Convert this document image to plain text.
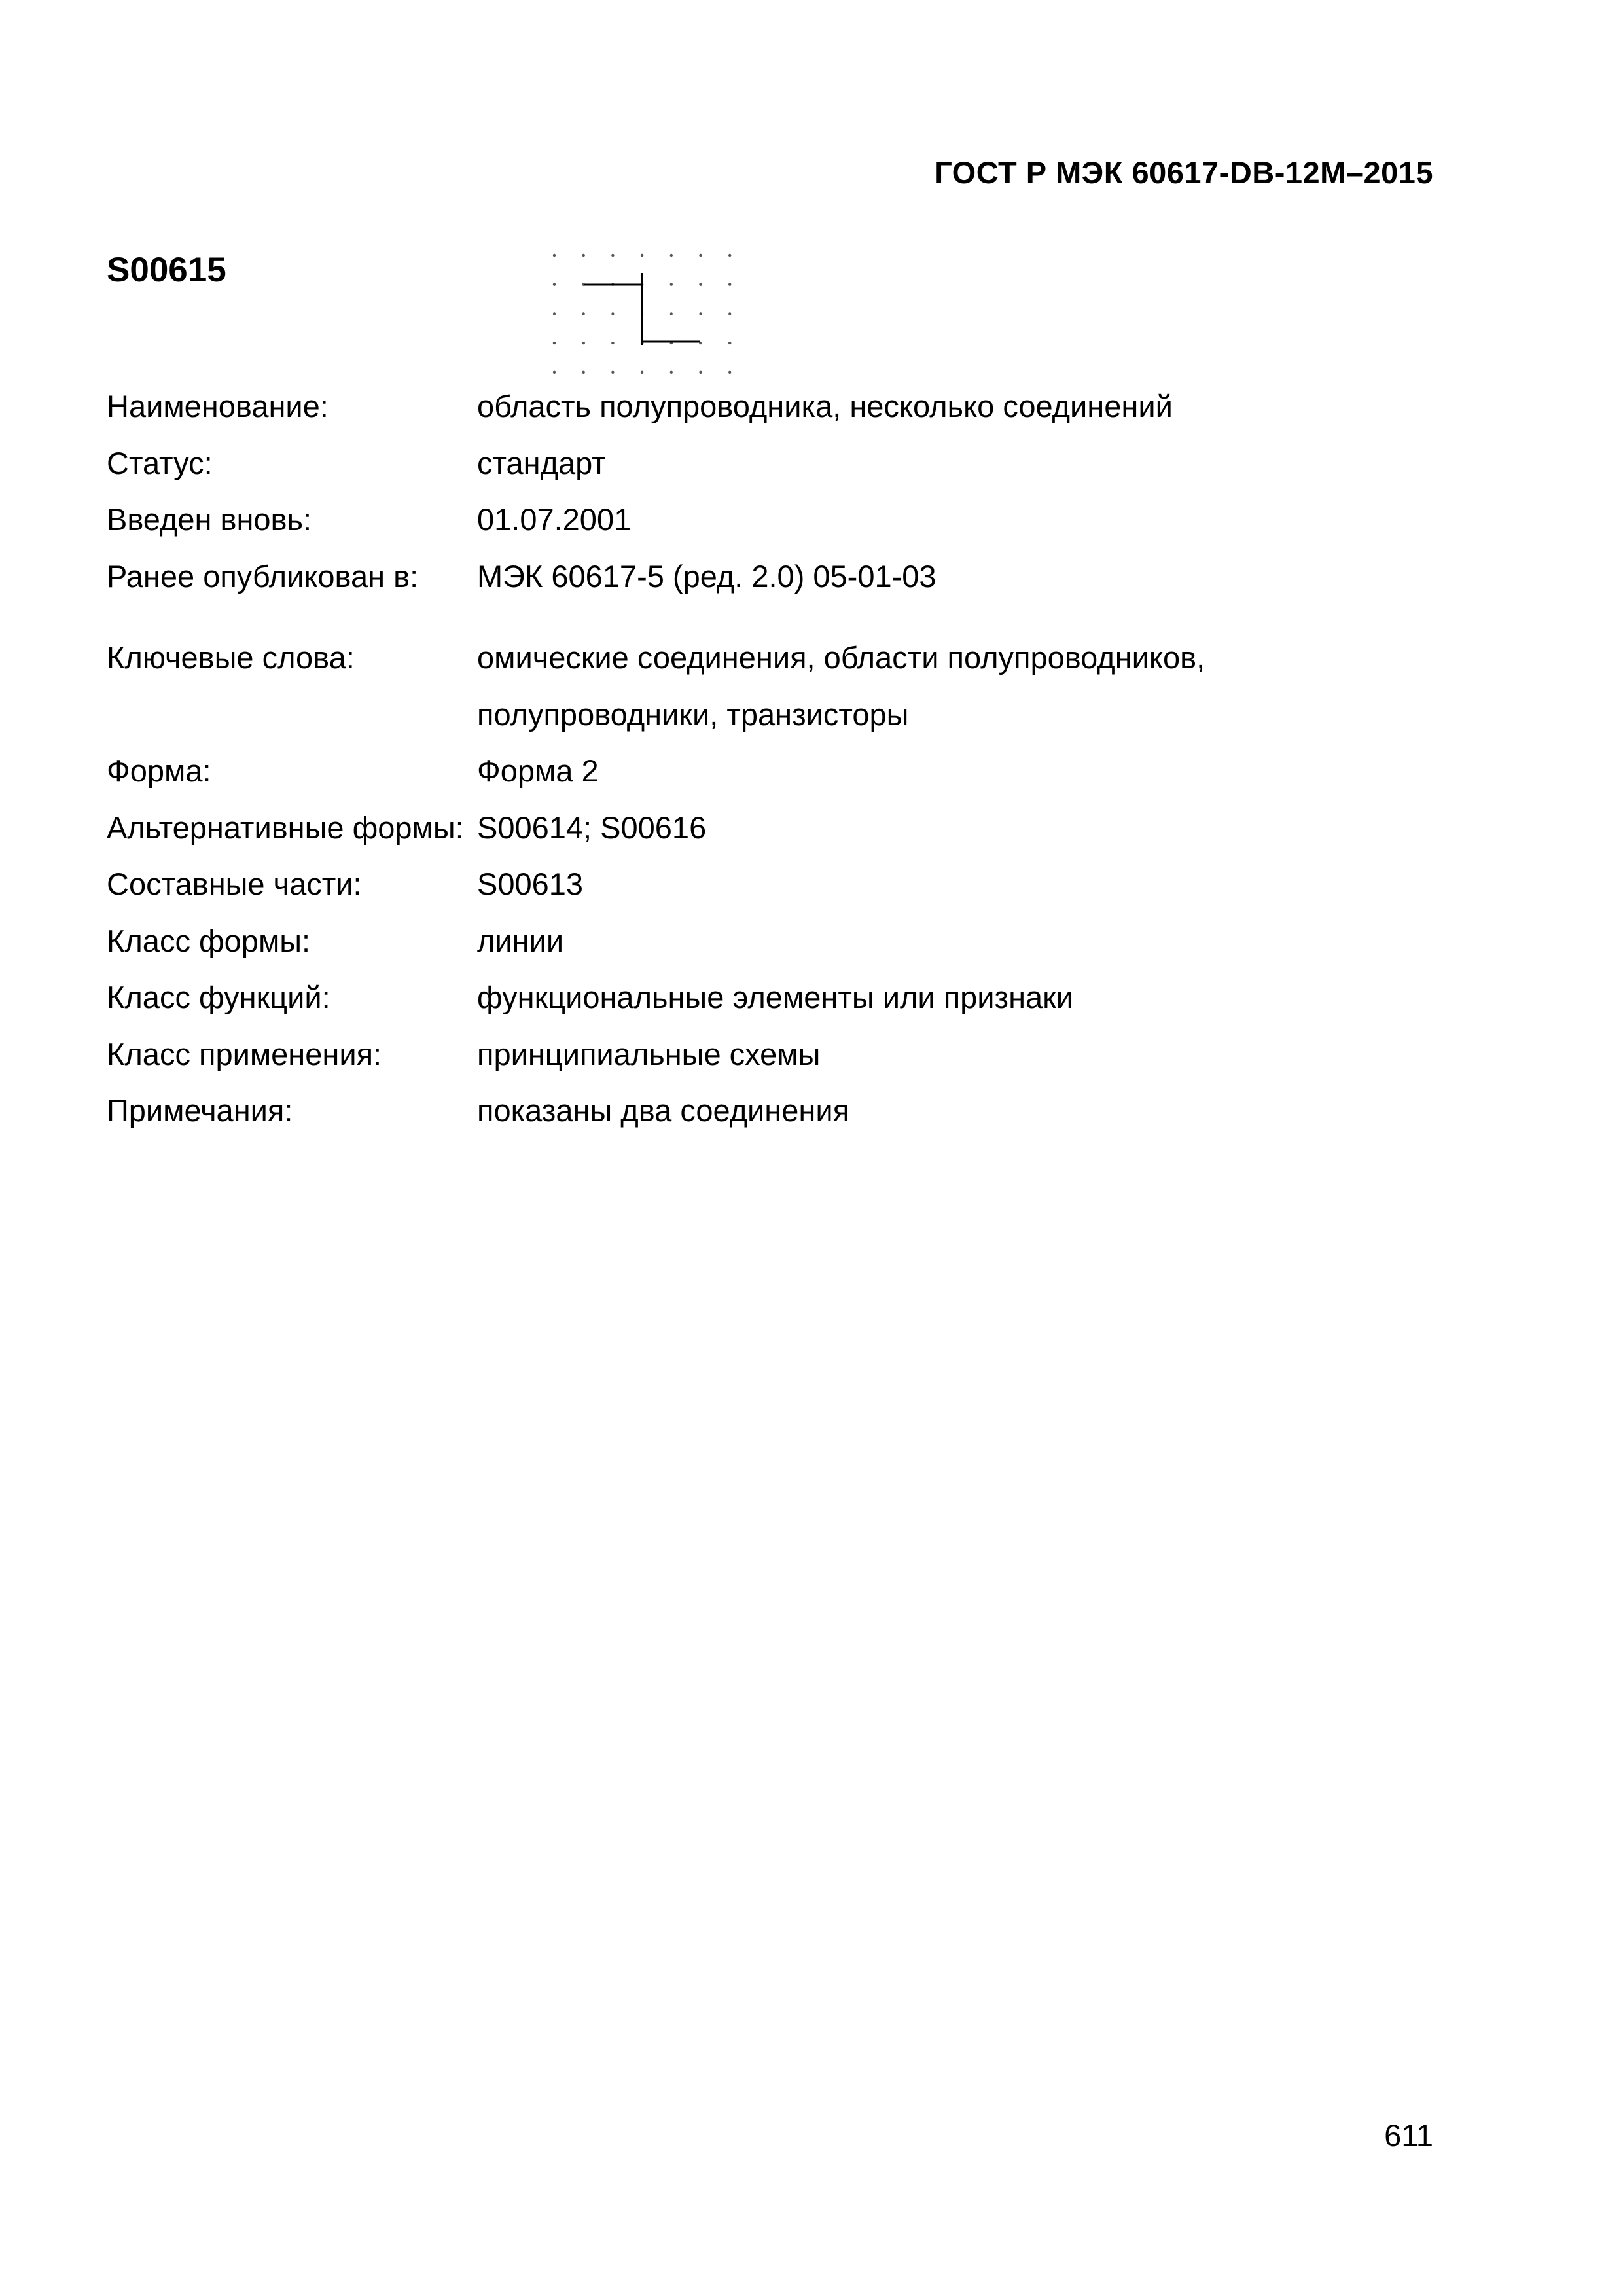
ГОСТ Р МЭК 60617-DB-12M–2015
S00615
Наименование:	область полупроводника, несколько соединений
Статус:	стандарт
Введен вновь:	01.07.2001
Ранее опубликован в:	МЭК 60617-5 (ред. 2.0) 05-01-03
Ключевые слова:	омические соединения, области полупроводников, полупроводники, транзисторы
Форма:	Форма 2
Альтернативные формы: S00614; S00616
Составные части:	S00613
Класс формы:	линии
Класс функций:	функциональные элементы или признаки
Класс применения:	принципиальные схемы
Примечания:	показаны два соединения
611
